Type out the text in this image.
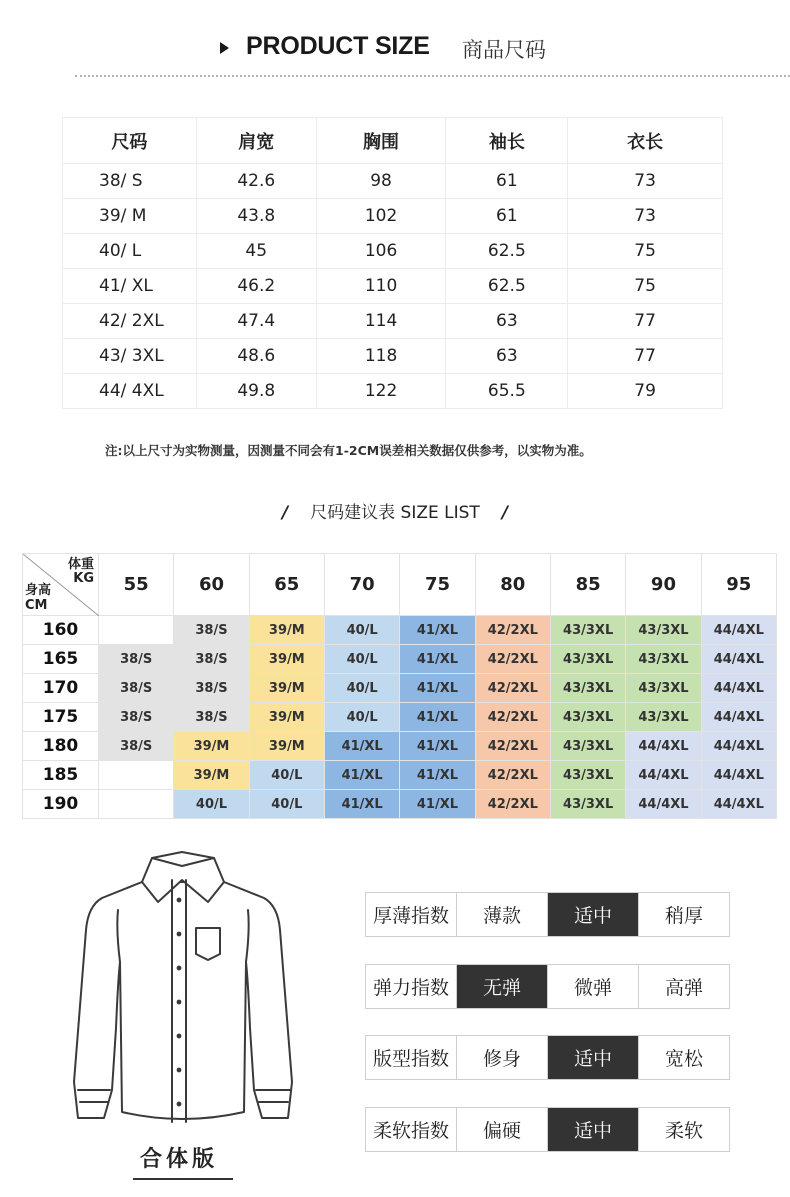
PRODUCT SIZE 商品尺码
尺码	肩宽	胸围	袖长	衣长
38/ S	42.6	98	61	73
39/ M	43.8	102	61	73
40/ L	45	106	62.5	75
41/ XL	46.2	110	62.5	75
42/ 2XL	47.4	114	63	77
43/ 3XL	48.6	118	63	77
44/ 4XL	49.8	122	65.5	79
注:以上尺寸为实物测量，因测量不同会有1-2CM误差相关数据仅供参考，以实物为准。
/ 尺码建议表 SIZE LIST /
体重
KG
身高
CM	55	60	65	70	75	80	85	90	95
160		38/S	39/M	40/L	41/XL	42/2XL	43/3XL	43/3XL	44/4XL
165	38/S	38/S	39/M	40/L	41/XL	42/2XL	43/3XL	43/3XL	44/4XL
170	38/S	38/S	39/M	40/L	41/XL	42/2XL	43/3XL	43/3XL	44/4XL
175	38/S	38/S	39/M	40/L	41/XL	42/2XL	43/3XL	43/3XL	44/4XL
180	38/S	39/M	39/M	41/XL	41/XL	42/2XL	43/3XL	44/4XL	44/4XL
185		39/M	40/L	41/XL	41/XL	42/2XL	43/3XL	44/4XL	44/4XL
190		40/L	40/L	41/XL	41/XL	42/2XL	43/3XL	44/4XL	44/4XL
合体版
厚薄指数	薄款	适中	稍厚
弹力指数	无弹	微弹	高弹
版型指数	修身	适中	宽松
柔软指数	偏硬	适中	柔软
